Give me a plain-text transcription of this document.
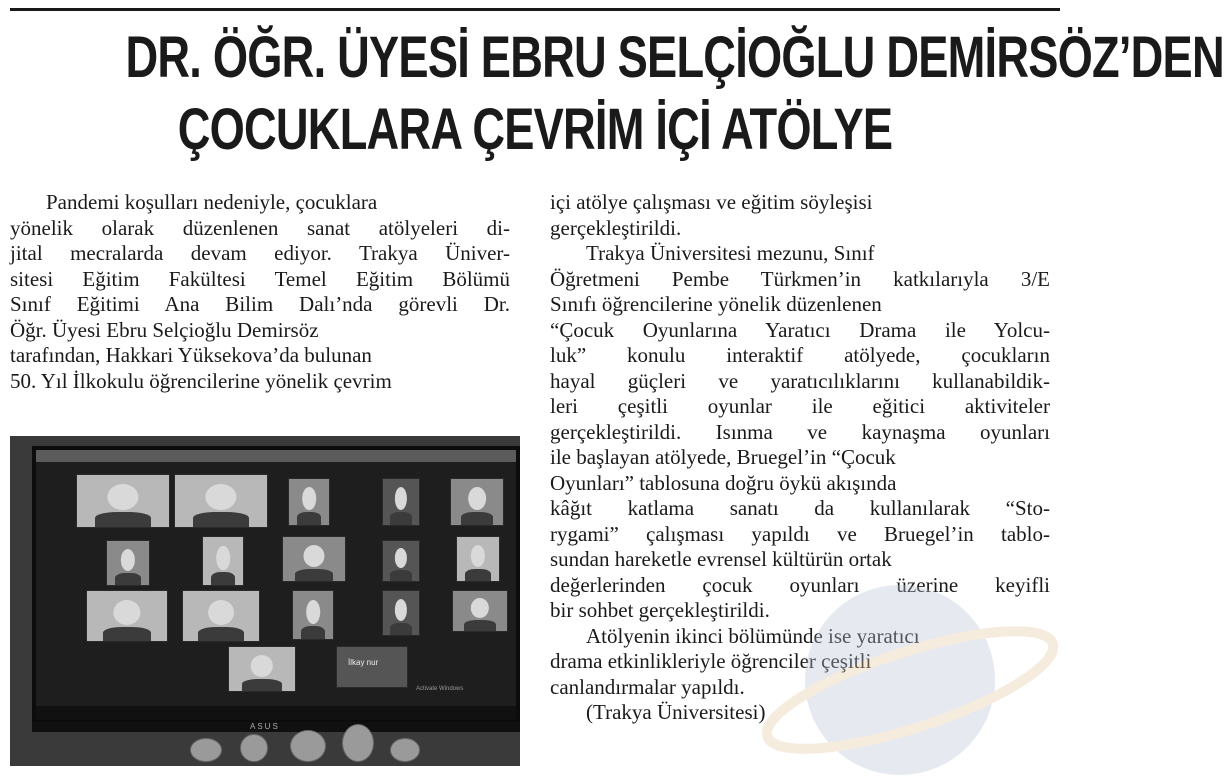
DR. ÖĞR. ÜYESİ EBRU SELÇİOĞLU DEMİRSÖZ’DEN
ÇOCUKLARA ÇEVRİM İÇİ ATÖLYE
Pandemi koşulları nedeniyle, çocuklara
yönelik olarak düzenlenen sanat atölyeleri di-
jital mecralarda devam ediyor. Trakya Üniver-
sitesi Eğitim Fakültesi Temel Eğitim Bölümü
Sınıf Eğitimi Ana Bilim Dalı’nda görevli Dr.
Öğr. Üyesi Ebru Selçioğlu Demirsöz
tarafından, Hakkari Yüksekova’da bulunan
50. Yıl İlkokulu öğrencilerine yönelik çevrim
içi atölye çalışması ve eğitim söyleşisi
gerçekleştirildi.
Trakya Üniversitesi mezunu, Sınıf
Öğretmeni Pembe Türkmen’in katkılarıyla 3/E
Sınıfı öğrencilerine yönelik düzenlenen
“Çocuk Oyunlarına Yaratıcı Drama ile Yolcu-
luk” konulu interaktif atölyede, çocukların
hayal güçleri ve yaratıcılıklarını kullanabildik-
leri çeşitli oyunlar ile eğitici aktiviteler
gerçekleştirildi. Isınma ve kaynaşma oyunları
ile başlayan atölyede, Bruegel’in “Çocuk
Oyunları” tablosuna doğru öykü akışında
kâğıt katlama sanatı da kullanılarak “Sto-
rygami” çalışması yapıldı ve Bruegel’in tablo-
sundan hareketle evrensel kültürün ortak
değerlerinden çocuk oyunları üzerine keyifli
bir sohbet gerçekleştirildi.
Atölyenin ikinci bölümünde ise yaratıcı
drama etkinlikleriyle öğrenciler çeşitli
canlandırmalar yapıldı.
(Trakya Üniversitesi)
İlkay nur
Activate Windows
ASUS
